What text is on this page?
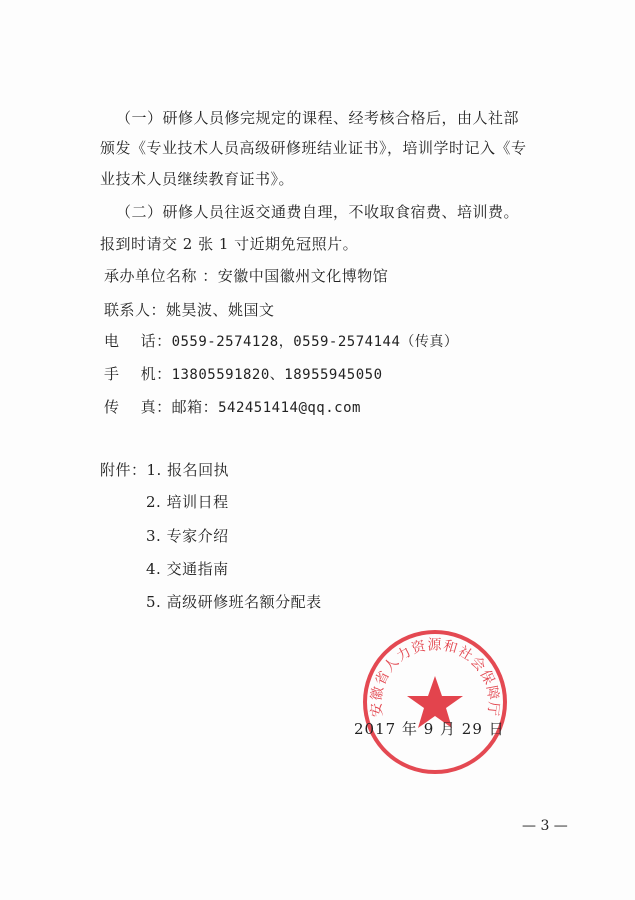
（一）研修人员修完规定的课程、经考核合格后，由人社部
颁发《专业技术人员高级研修班结业证书》，培训学时记入《专
业技术人员继续教育证书》。
（二）研修人员往返交通费自理，不收取食宿费、培训费。
报到时请交 2 张 1 寸近期免冠照片。
承办单位名称 ：安徽中国徽州文化博物馆
联系人：姚昊波、姚国文
电    话：0559-2574128，0559-2574144（传真）
手    机：13805591820、18955945050
传    真：邮箱：542451414@qq.com
附件：1. 报名回执
2. 培训日程
3. 专家介绍
4. 交通指南
5. 高级研修班名额分配表
安徽省人力资源和社会保障厅
2017 年 9 月 29 日
— 3 —
